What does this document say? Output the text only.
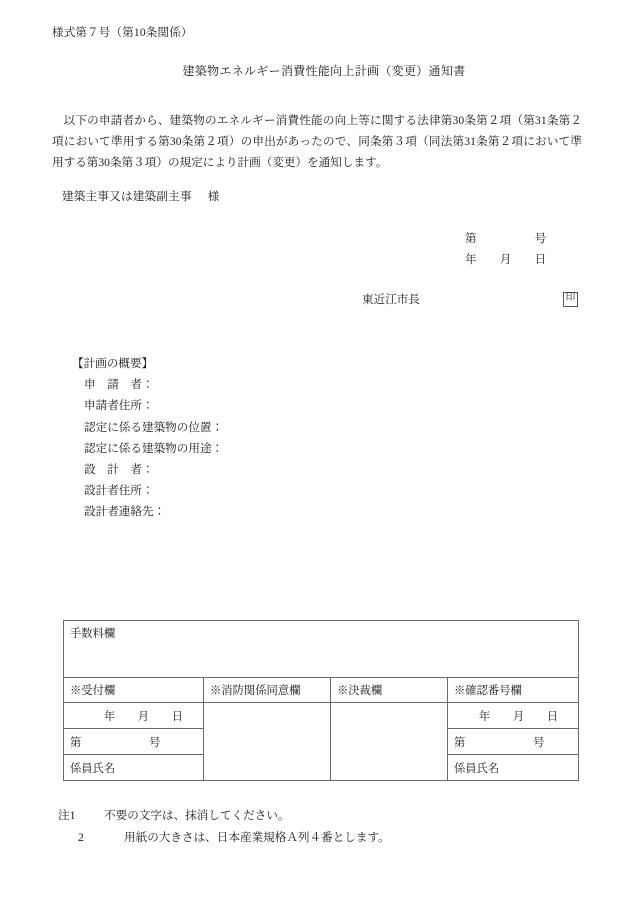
様式第７号（第10条関係）
建築物エネルギー消費性能向上計画（変更）通知書

以下の申請者から、建築物のエネルギー消費性能の向上等に関する法律第30条第２項（第31条第２項において準用する第30条第２項）の申出があったので、同条第３項（同法第31条第２項において準用する第30条第３項）の規定により計画（変更）を通知します。

建築主事又は建築副主事 様
第　　　　　号
年　　月　　日
東近江市長	印
【計画の概要】
申　請　者：
申請者住所：
認定に係る建築物の位置：
認定に係る建築物の用途：
設　計　者：
設計者住所：
設計者連絡先：
手数料欄			
※受付欄	※消防関係同意欄	※決裁欄	※確認番号欄

年　　月　　日			年　　月　　日

第　　　　　　号			第　　　　　　号

係員氏名			係員氏名
注1 不要の文字は、抹消してください。
2	用紙の大きさは、日本産業規格Ａ列４番とします。
